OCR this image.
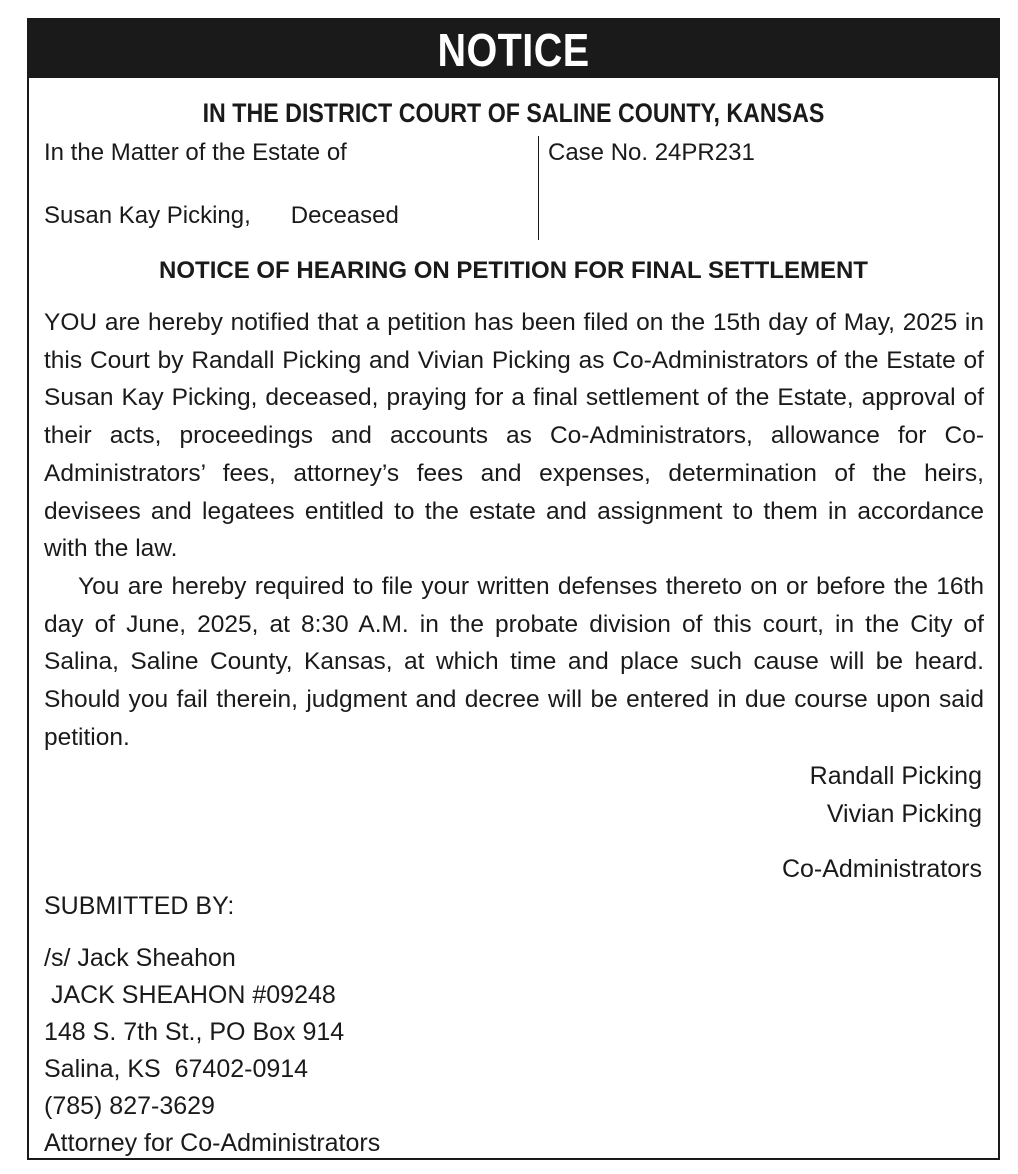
NOTICE
IN THE DISTRICT COURT OF SALINE COUNTY, KANSAS
In the Matter of the Estate of
Susan Kay Picking, Deceased
Case No. 24PR231
NOTICE OF HEARING ON PETITION FOR FINAL SETTLEMENT

YOU are hereby notified that a petition has been filed on the 15th day of May, 2025 in this Court by Randall Picking and Vivian Picking as Co-Administrators of the Estate of Susan Kay Picking, deceased, praying for a final settlement of the Estate, approval of their acts, proceedings and accounts as Co-Administrators, allowance for Co- Administrators’ fees, attorney’s fees and expenses, determination of the heirs, devisees and legatees entitled to the estate and assignment to them in accordance with the law.

You are hereby required to file your written defenses thereto on or before the 16th day of June, 2025, at 8:30 A.M. in the probate division of this court, in the City of Salina, Saline County, Kansas, at which time and place such cause will be heard. Should you fail therein, judgment and decree will be entered in due course upon said petition.

Randall Picking
Vivian Picking
Co-Administrators
SUBMITTED BY:
/s/ Jack Sheahon
JACK SHEAHON #09248
148 S. 7th St., PO Box 914
Salina, KS  67402-0914
(785) 827-3629
Attorney for Co-Administrators
